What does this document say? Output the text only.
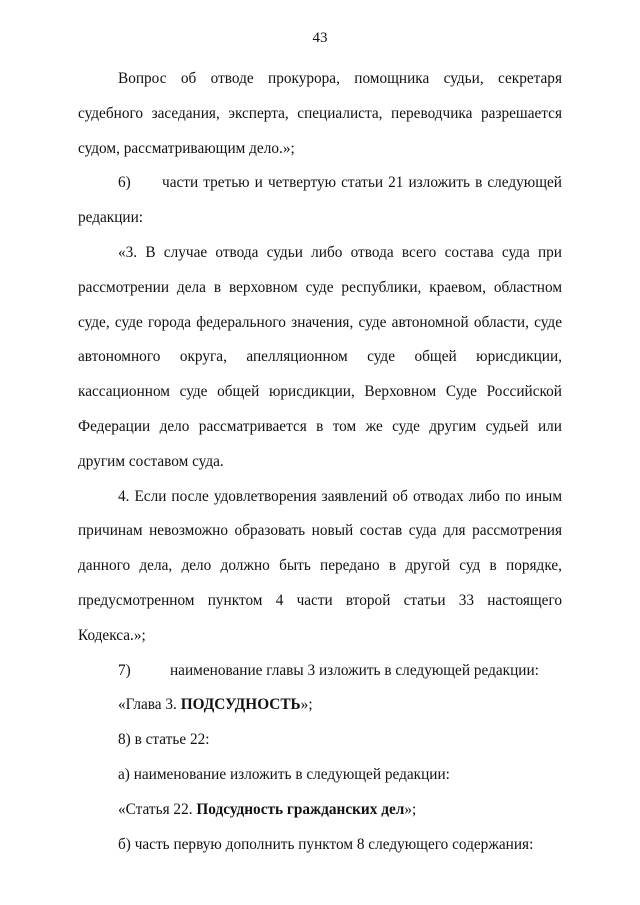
43

Вопрос об отводе прокурора, помощника судьи, секретаря судебного заседания, эксперта, специалиста, переводчика разрешается судом, рассматривающим дело.»;

6) части третью и четвертую статьи 21 изложить в следующей редакции:

«3. В случае отвода судьи либо отвода всего состава суда при рассмотрении дела в верховном суде республики, краевом, областном суде, суде города федерального значения, суде автономной области, суде автономного округа, апелляционном суде общей юрисдикции, кассационном суде общей юрисдикции, Верховном Суде Российской Федерации дело рассматривается в том же суде другим судьей или другим составом суда.

4. Если после удовлетворения заявлений об отводах либо по иным причинам невозможно образовать новый состав суда для рассмотрения данного дела, дело должно быть передано в другой суд в порядке, предусмотренном пунктом 4 части второй статьи 33 настоящего Кодекса.»;

7)	наименование главы 3 изложить в следующей редакции:

«Глава 3. ПОДСУДНОСТЬ»;

8) в статье 22:

а) наименование изложить в следующей редакции:

«Статья 22. Подсудность гражданских дел»;

б) часть первую дополнить пунктом 8 следующего содержания:
